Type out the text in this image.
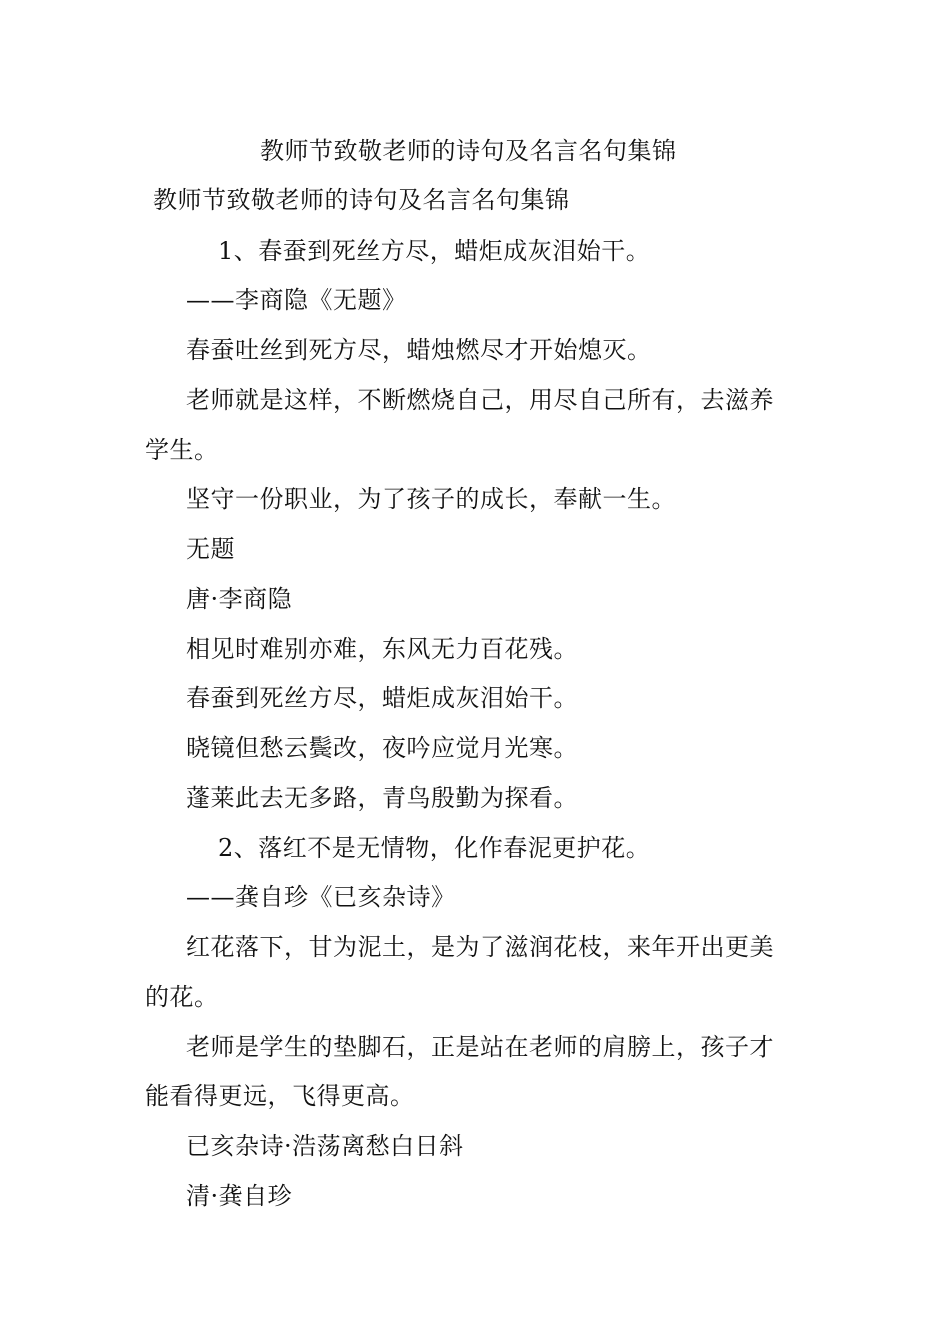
教师节致敬老师的诗句及名言名句集锦
教师节致敬老师的诗句及名言名句集锦
1、春蚕到死丝方尽，蜡炬成灰泪始干。
——李商隐《无题》
春蚕吐丝到死方尽，蜡烛燃尽才开始熄灭。
老师就是这样，不断燃烧自己，用尽自己所有，去滋养
学生。
坚守一份职业，为了孩子的成长，奉献一生。
无题
唐·李商隐
相见时难别亦难，东风无力百花残。
春蚕到死丝方尽，蜡炬成灰泪始干。
晓镜但愁云鬓改，夜吟应觉月光寒。
蓬莱此去无多路，青鸟殷勤为探看。
2、落红不是无情物，化作春泥更护花。
——龚自珍《已亥杂诗》
红花落下，甘为泥土，是为了滋润花枝，来年开出更美
的花。
老师是学生的垫脚石，正是站在老师的肩膀上，孩子才
能看得更远，飞得更高。
已亥杂诗·浩荡离愁白日斜
清·龚自珍
